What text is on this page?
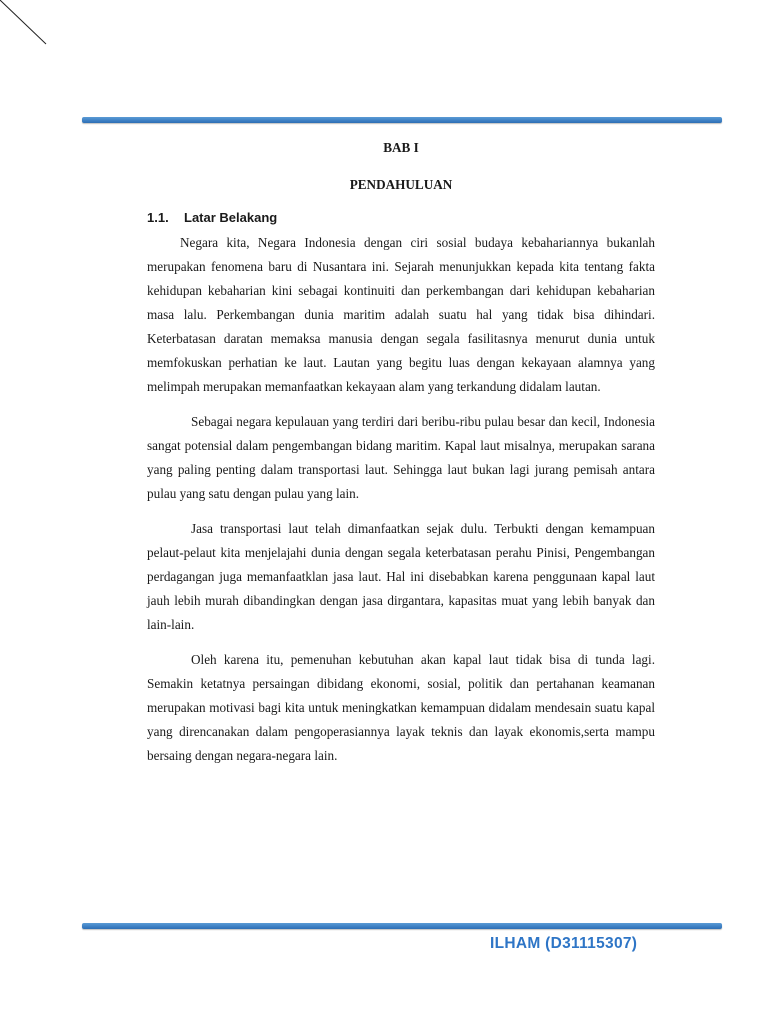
BAB I
PENDAHULUAN
1.1. Latar Belakang

Negara kita, Negara Indonesia dengan ciri sosial budaya kebahariannya bukanlah merupakan fenomena baru di Nusantara ini. Sejarah menunjukkan kepada kita tentang fakta kehidupan kebaharian kini sebagai kontinuiti dan perkembangan dari kehidupan kebaharian masa lalu. Perkembangan dunia maritim adalah suatu hal yang tidak bisa dihindari. Keterbatasan daratan memaksa manusia dengan segala fasilitasnya menurut dunia untuk memfokuskan perhatian ke laut. Lautan yang begitu luas dengan kekayaan alamnya yang melimpah merupakan memanfaatkan kekayaan alam yang terkandung didalam lautan.

Sebagai negara kepulauan yang terdiri dari beribu-ribu pulau besar dan kecil, Indonesia sangat potensial dalam pengembangan bidang maritim. Kapal laut misalnya, merupakan sarana yang paling penting dalam transportasi laut. Sehingga laut bukan lagi jurang pemisah antara pulau yang satu dengan pulau yang lain.

Jasa transportasi laut telah dimanfaatkan sejak dulu. Terbukti dengan kemampuan pelaut-pelaut kita menjelajahi dunia dengan segala keterbatasan perahu Pinisi, Pengembangan perdagangan juga memanfaatklan jasa laut. Hal ini disebabkan karena penggunaan kapal laut jauh lebih murah dibandingkan dengan jasa dirgantara, kapasitas muat yang lebih banyak dan lain-lain.

Oleh karena itu, pemenuhan kebutuhan akan kapal laut tidak bisa di tunda lagi. Semakin ketatnya persaingan dibidang ekonomi, sosial, politik dan pertahanan keamanan merupakan motivasi bagi kita untuk meningkatkan kemampuan didalam mendesain suatu kapal yang direncanakan dalam pengoperasiannya layak teknis dan layak ekonomis,serta mampu bersaing dengan negara-negara lain.

ILHAM (D31115307)
